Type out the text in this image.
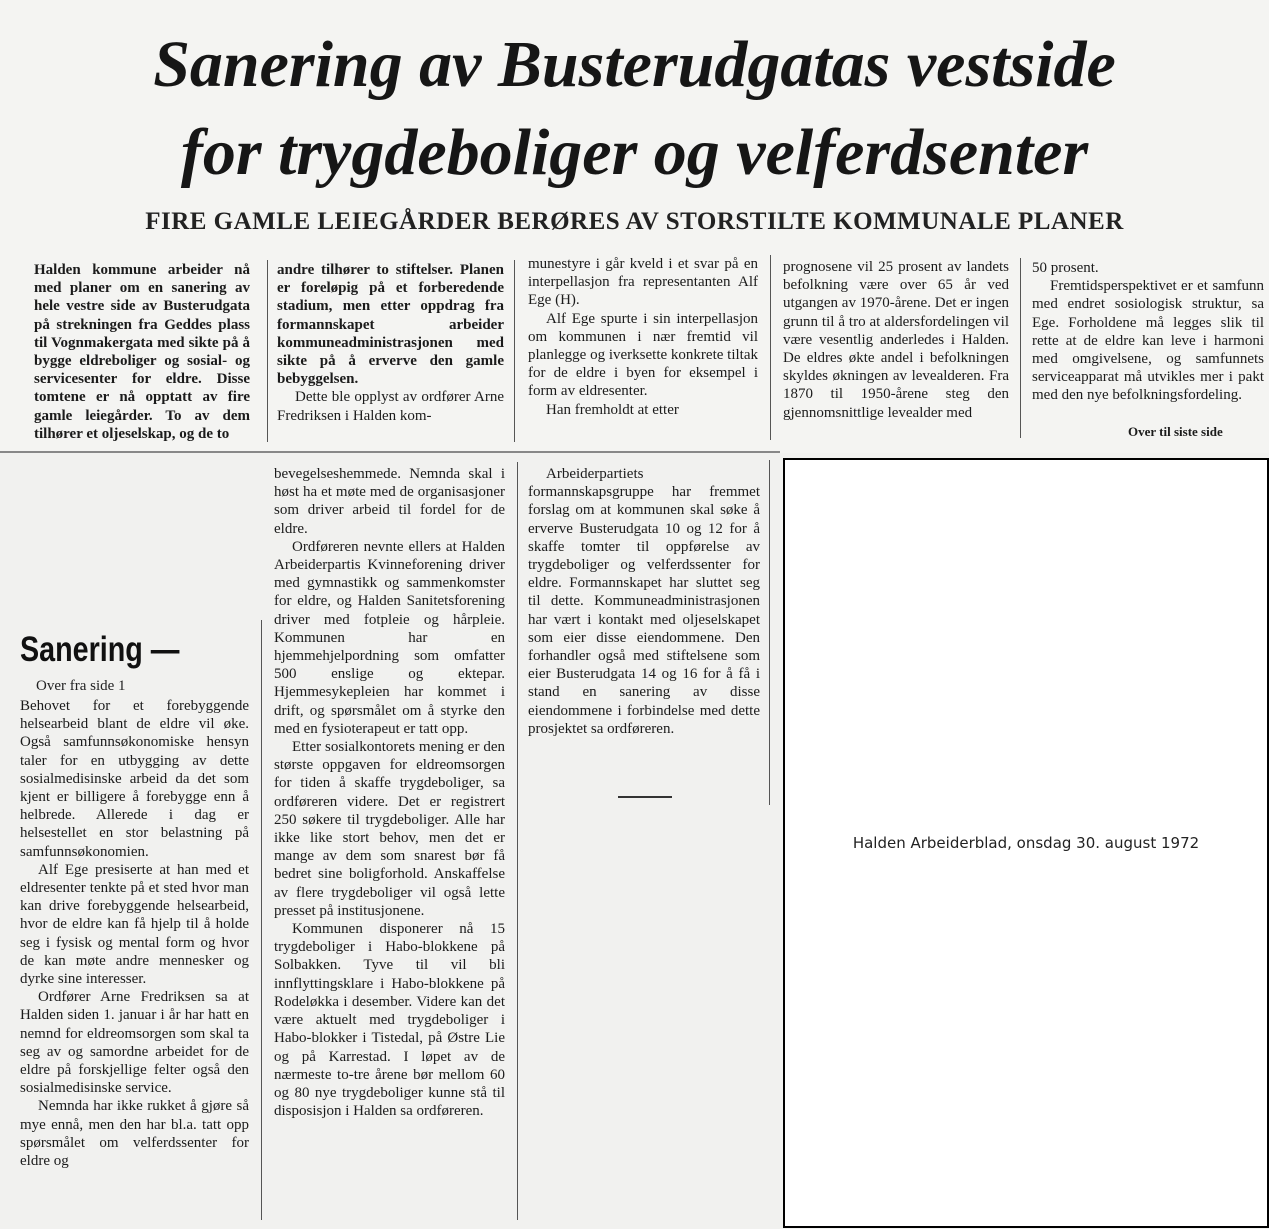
Sanering av Busterudgatas vestside
for trygdeboliger og velferdsenter
FIRE GAMLE LEIEGÅRDER BERØRES AV STORSTILTE KOMMUNALE PLANER

Halden kommune arbeider nå med planer om en sanering av hele vestre side av Busterudgata på strekningen fra Geddes plass til Vognmakergata med sikte på å bygge eldreboliger og sosial- og servicesenter for eldre. Disse tomtene er nå opptatt av fire gamle leiegårder. To av dem tilhører et oljeselskap, og de to

andre tilhører to stiftelser. Planen er foreløpig på et forberedende stadium, men etter oppdrag fra formannskapet arbeider kommuneadministrasjonen med sikte på å erverve den gamle bebyggelsen.

Dette ble opplyst av ordfører Arne Fredriksen i Halden kom-

munestyre i går kveld i et svar på en interpellasjon fra representanten Alf Ege (H).

Alf Ege spurte i sin interpellasjon om kommunen i nær fremtid vil planlegge og iverksette konkrete tiltak for de eldre i byen for eksempel i form av eldresenter.

Han fremholdt at etter

prognosene vil 25 prosent av landets befolkning være over 65 år ved utgangen av 1970-årene. Det er ingen grunn til å tro at aldersfordelingen vil være vesentlig anderledes i Halden. De eldres økte andel i befolkningen skyldes økningen av levealderen. Fra 1870 til 1950-årene steg den gjennomsnittlige levealder med

50 prosent.

Fremtidsperspektivet er et samfunn med endret sosiologisk struktur, sa Ege. Forholdene må legges slik til rette at de eldre kan leve i harmoni med omgivelsene, og samfunnets serviceapparat må utvikles mer i pakt med den nye befolkningsfordeling.

Over til siste side
Sanering —
Over fra side 1

Behovet for et forebyggende helsearbeid blant de eldre vil øke. Også samfunnsøkonomiske hensyn taler for en utbygging av dette sosialmedisinske arbeid da det som kjent er billigere å forebygge enn å helbrede. Allerede i dag er helsestellet en stor belastning på samfunnsøkonomien.

Alf Ege presiserte at han med et eldresenter tenkte på et sted hvor man kan drive forebyggende helsearbeid, hvor de eldre kan få hjelp til å holde seg i fysisk og mental form og hvor de kan møte andre mennesker og dyrke sine interesser.

Ordfører Arne Fredriksen sa at Halden siden 1. januar i år har hatt en nemnd for eldreomsorgen som skal ta seg av og samordne arbeidet for de eldre på forskjellige felter også den sosialmedisinske service.

Nemnda har ikke rukket å gjøre så mye ennå, men den har bl.a. tatt opp spørsmålet om velferdssenter for eldre og

bevegelseshemmede. Nemnda skal i høst ha et møte med de organisasjoner som driver arbeid til fordel for de eldre.

Ordføreren nevnte ellers at Halden Arbeiderpartis Kvinneforening driver med gymnastikk og sammenkomster for eldre, og Halden Sanitetsforening driver med fotpleie og hårpleie. Kommunen har en hjemmehjelpordning som omfatter 500 enslige og ektepar. Hjemmesykepleien har kommet i drift, og spørsmålet om å styrke den med en fysioterapeut er tatt opp.

Etter sosialkontorets mening er den største oppgaven for eldreomsorgen for tiden å skaffe trygdeboliger, sa ordføreren videre. Det er registrert 250 søkere til trygdeboliger. Alle har ikke like stort behov, men det er mange av dem som snarest bør få bedret sine boligforhold. Anskaffelse av flere trygdeboliger vil også lette presset på institusjonene.

Kommunen disponerer nå 15 trygdeboliger i Habo-blokkene på Solbakken. Tyve til vil bli innflyttingsklare i Habo-blokkene på Rodeløkka i desember. Videre kan det være aktuelt med trygdeboliger i Habo-blokker i Tistedal, på Østre Lie og på Karrestad. I løpet av de nærmeste to-tre årene bør mellom 60 og 80 nye trygdeboliger kunne stå til disposisjon i Halden sa ordføreren.

Arbeiderpartiets formannskapsgruppe har fremmet forslag om at kommunen skal søke å erverve Busterudgata 10 og 12 for å skaffe tomter til oppførelse av trygdeboliger og velferdssenter for eldre. Formannskapet har sluttet seg til dette. Kommuneadministrasjonen har vært i kontakt med oljeselskapet som eier disse eiendommene. Den forhandler også med stiftelsene som eier Busterudgata 14 og 16 for å få i stand en sanering av disse eiendommene i forbindelse med dette prosjektet sa ordføreren.

Halden Arbeiderblad, onsdag 30. august 1972
